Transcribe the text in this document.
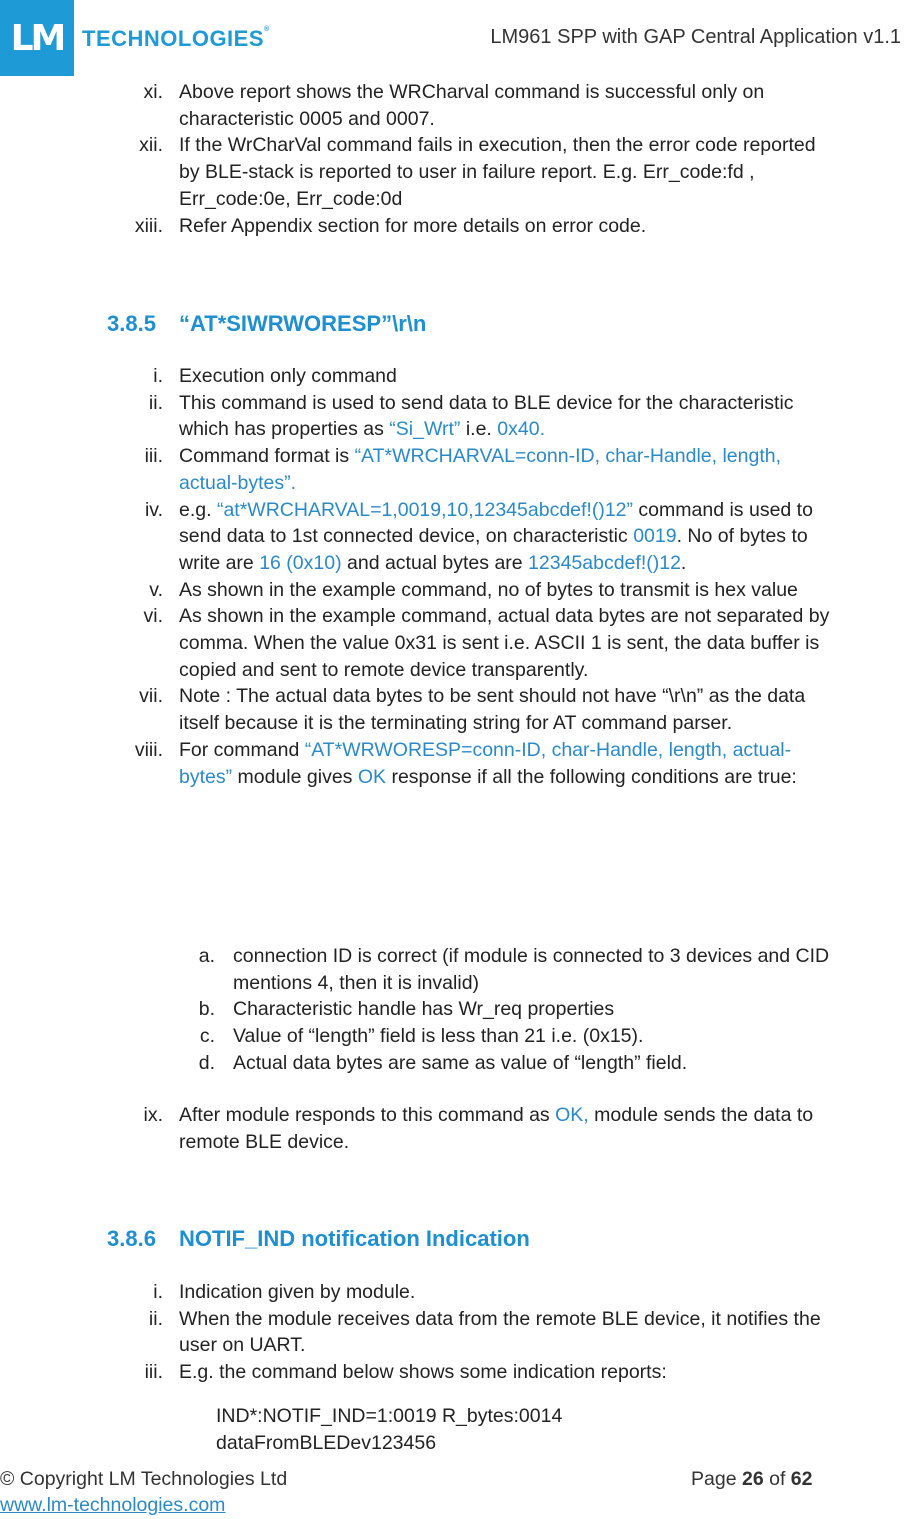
LM TECHNOLOGIES®	LM961 SPP with GAP Central Application v1.1
xi. Above report shows the WRCharval command is successful only on characteristic 0005 and 0007.
xii. If the WrCharVal command fails in execution, then the error code reported by BLE-stack is reported to user in failure report. E.g. Err_code:fd , Err_code:0e, Err_code:0d
xiii. Refer Appendix section for more details on error code.
3.8.5 “AT*SIWRWORESP”\r\n
i. Execution only command
ii. This command is used to send data to BLE device for the characteristic which has properties as “Si_Wrt” i.e. 0x40.
iii. Command format is “AT*WRCHARVAL=conn-ID, char-Handle, length, actual-bytes”.
iv. e.g. “at*WRCHARVAL=1,0019,10,12345abcdef!()12” command is used to send data to 1st connected device, on characteristic 0019. No of bytes to write are 16 (0x10) and actual bytes are 12345abcdef!()12.
v. As shown in the example command, no of bytes to transmit is hex value
vi. As shown in the example command, actual data bytes are not separated by comma. When the value 0x31 is sent i.e. ASCII 1 is sent, the data buffer is copied and sent to remote device transparently.
vii. Note : The actual data bytes to be sent should not have “\r\n” as the data itself because it is the terminating string for AT command parser.
viii. For command “AT*WRWORESP=conn-ID, char-Handle, length, actual-bytes” module gives OK response if all the following conditions are true:
a. connection ID is correct (if module is connected to 3 devices and CID mentions 4, then it is invalid)
b. Characteristic handle has Wr_req properties
c. Value of “length” field is less than 21 i.e. (0x15).
d. Actual data bytes are same as value of “length” field.
ix. After module responds to this command as OK, module sends the data to remote BLE device.
3.8.6 NOTIF_IND notification Indication
i. Indication given by module.
ii. When the module receives data from the remote BLE device, it notifies the user on UART.
iii. E.g. the command below shows some indication reports:
IND*:NOTIF_IND=1:0019 R_bytes:0014
dataFromBLEDev123456
© Copyright LM Technologies Ltd
www.lm-technologies.com
Page 26 of 62
